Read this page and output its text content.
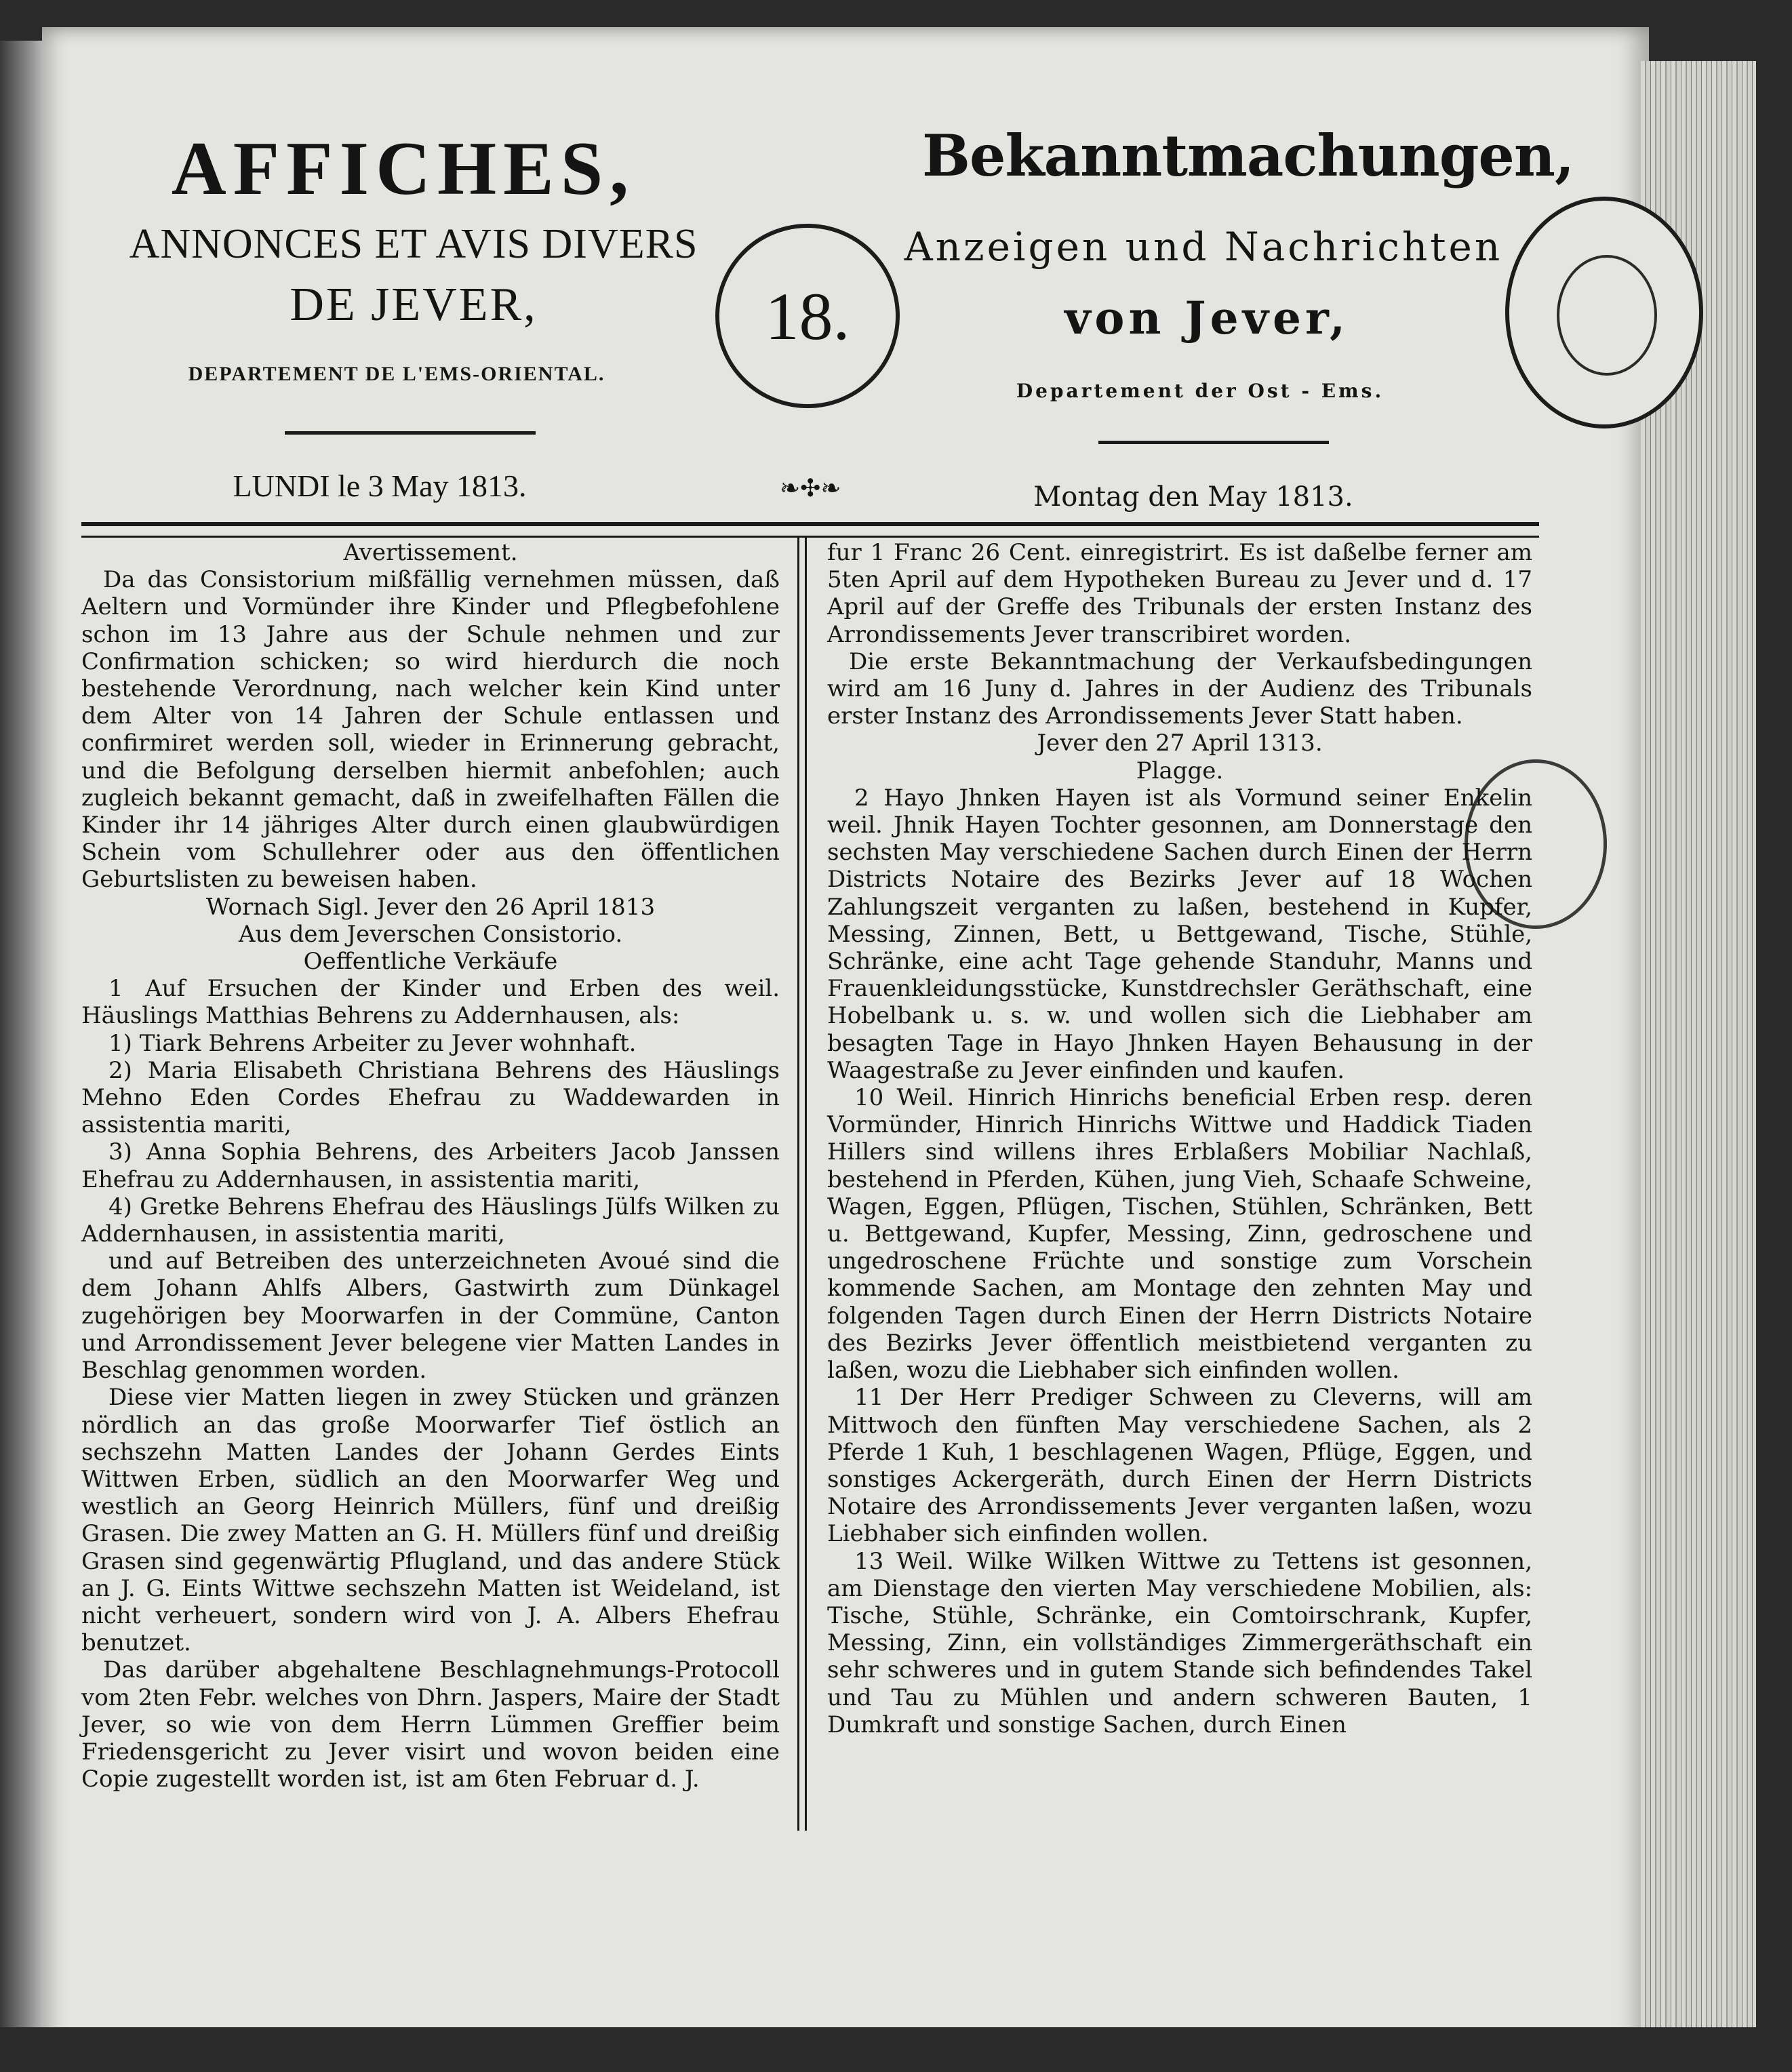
AFFICHES,
ANNONCES ET AVIS DIVERS
DE JEVER,
DEPARTEMENT DE L'EMS-ORIENTAL.
LUNDI le 3 May 1813.
18.
❧✣❧
Bekanntmachungen,
Anzeigen und Nachrichten
von Jever,
Departement der Ost - Ems.
Montag den May 1813.

Avertissement.

Da das Consistorium mißfällig vernehmen müssen, daß Aeltern und Vormünder ihre Kinder und Pflegbefohlene schon im 13 Jahre aus der Schule nehmen und zur Confirmation schicken; so wird hierdurch die noch bestehende Verordnung, nach welcher kein Kind unter dem Alter von 14 Jahren der Schule entlassen und confirmiret werden soll, wieder in Erinnerung gebracht, und die Befolgung derselben hiermit anbefohlen; auch zugleich bekannt gemacht, daß in zweifelhaften Fällen die Kinder ihr 14 jähriges Alter durch einen glaubwürdigen Schein vom Schullehrer oder aus den öffentlichen Geburtslisten zu beweisen haben.

Wornach Sigl. Jever den 26 April 1813

Aus dem Jeverschen Consistorio.

Oeffentliche Verkäufe

1 Auf Ersuchen der Kinder und Erben des weil. Häuslings Matthias Behrens zu Addernhausen, als:

1) Tiark Behrens Arbeiter zu Jever wohnhaft.

2) Maria Elisabeth Christiana Behrens des Häuslings Mehno Eden Cordes Ehefrau zu Waddewarden in assistentia mariti,

3) Anna Sophia Behrens, des Arbeiters Jacob Janssen Ehefrau zu Addernhausen, in assistentia mariti,

4) Gretke Behrens Ehefrau des Häuslings Jülfs Wilken zu Addernhausen, in assistentia mariti,

und auf Betreiben des unterzeichneten Avoué sind die dem Johann Ahlfs Albers, Gastwirth zum Dünkagel zugehörigen bey Moorwarfen in der Commüne, Canton und Arrondissement Jever belegene vier Matten Landes in Beschlag genommen worden.

Diese vier Matten liegen in zwey Stücken und gränzen nördlich an das große Moorwarfer Tief östlich an sechszehn Matten Landes der Johann Gerdes Eints Wittwen Erben, südlich an den Moorwarfer Weg und westlich an Georg Heinrich Müllers, fünf und dreißig Grasen. Die zwey Matten an G. H. Müllers fünf und dreißig Grasen sind gegenwärtig Pflugland, und das andere Stück an J. G. Eints Wittwe sechszehn Matten ist Weideland, ist nicht verheuert, sondern wird von J. A. Albers Ehefrau benutzet.

Das darüber abgehaltene Beschlagnehmungs-Protocoll vom 2ten Febr. welches von Dhrn. Jaspers, Maire der Stadt Jever, so wie von dem Herrn Lümmen Greffier beim Friedensgericht zu Jever visirt und wovon beiden eine Copie zugestellt worden ist, ist am 6ten Februar d. J.

fur 1 Franc 26 Cent. einregistrirt. Es ist daßelbe ferner am 5ten April auf dem Hypotheken Bureau zu Jever und d. 17 April auf der Greffe des Tribunals der ersten Instanz des Arrondissements Jever transcribiret worden.

Die erste Bekanntmachung der Verkaufsbedingungen wird am 16 Juny d. Jahres in der Audienz des Tribunals erster Instanz des Arrondissements Jever Statt haben.

Jever den 27 April 1313.

Plagge.

2 Hayo Jhnken Hayen ist als Vormund seiner Enkelin weil. Jhnik Hayen Tochter gesonnen, am Donnerstage den sechsten May verschiedene Sachen durch Einen der Herrn Districts Notaire des Bezirks Jever auf 18 Wochen Zahlungszeit verganten zu laßen, bestehend in Kupfer, Messing, Zinnen, Bett, u Bettgewand, Tische, Stühle, Schränke, eine acht Tage gehende Standuhr, Manns und Frauenkleidungsstücke, Kunstdrechsler Geräthschaft, eine Hobelbank u. s. w. und wollen sich die Liebhaber am besagten Tage in Hayo Jhnken Hayen Behausung in der Waagestraße zu Jever einfinden und kaufen.

10 Weil. Hinrich Hinrichs beneficial Erben resp. deren Vormünder, Hinrich Hinrichs Wittwe und Haddick Tiaden Hillers sind willens ihres Erblaßers Mobiliar Nachlaß, bestehend in Pferden, Kühen, jung Vieh, Schaafe Schweine, Wagen, Eggen, Pflügen, Tischen, Stühlen, Schränken, Bett u. Bettgewand, Kupfer, Messing, Zinn, gedroschene und ungedroschene Früchte und sonstige zum Vorschein kommende Sachen, am Montage den zehnten May und folgenden Tagen durch Einen der Herrn Districts Notaire des Bezirks Jever öffentlich meistbietend verganten zu laßen, wozu die Liebhaber sich einfinden wollen.

11 Der Herr Prediger Schween zu Cleverns, will am Mittwoch den fünften May verschiedene Sachen, als 2 Pferde 1 Kuh, 1 beschlagenen Wagen, Pflüge, Eggen, und sonstiges Ackergeräth, durch Einen der Herrn Districts Notaire des Arrondissements Jever verganten laßen, wozu Liebhaber sich einfinden wollen.

13 Weil. Wilke Wilken Wittwe zu Tettens ist gesonnen, am Dienstage den vierten May verschiedene Mobilien, als: Tische, Stühle, Schränke, ein Comtoirschrank, Kupfer, Messing, Zinn, ein vollständiges Zimmergeräthschaft ein sehr schweres und in gutem Stande sich befindendes Takel und Tau zu Mühlen und andern schweren Bauten, 1 Dumkraft und sonstige Sachen, durch Einen
